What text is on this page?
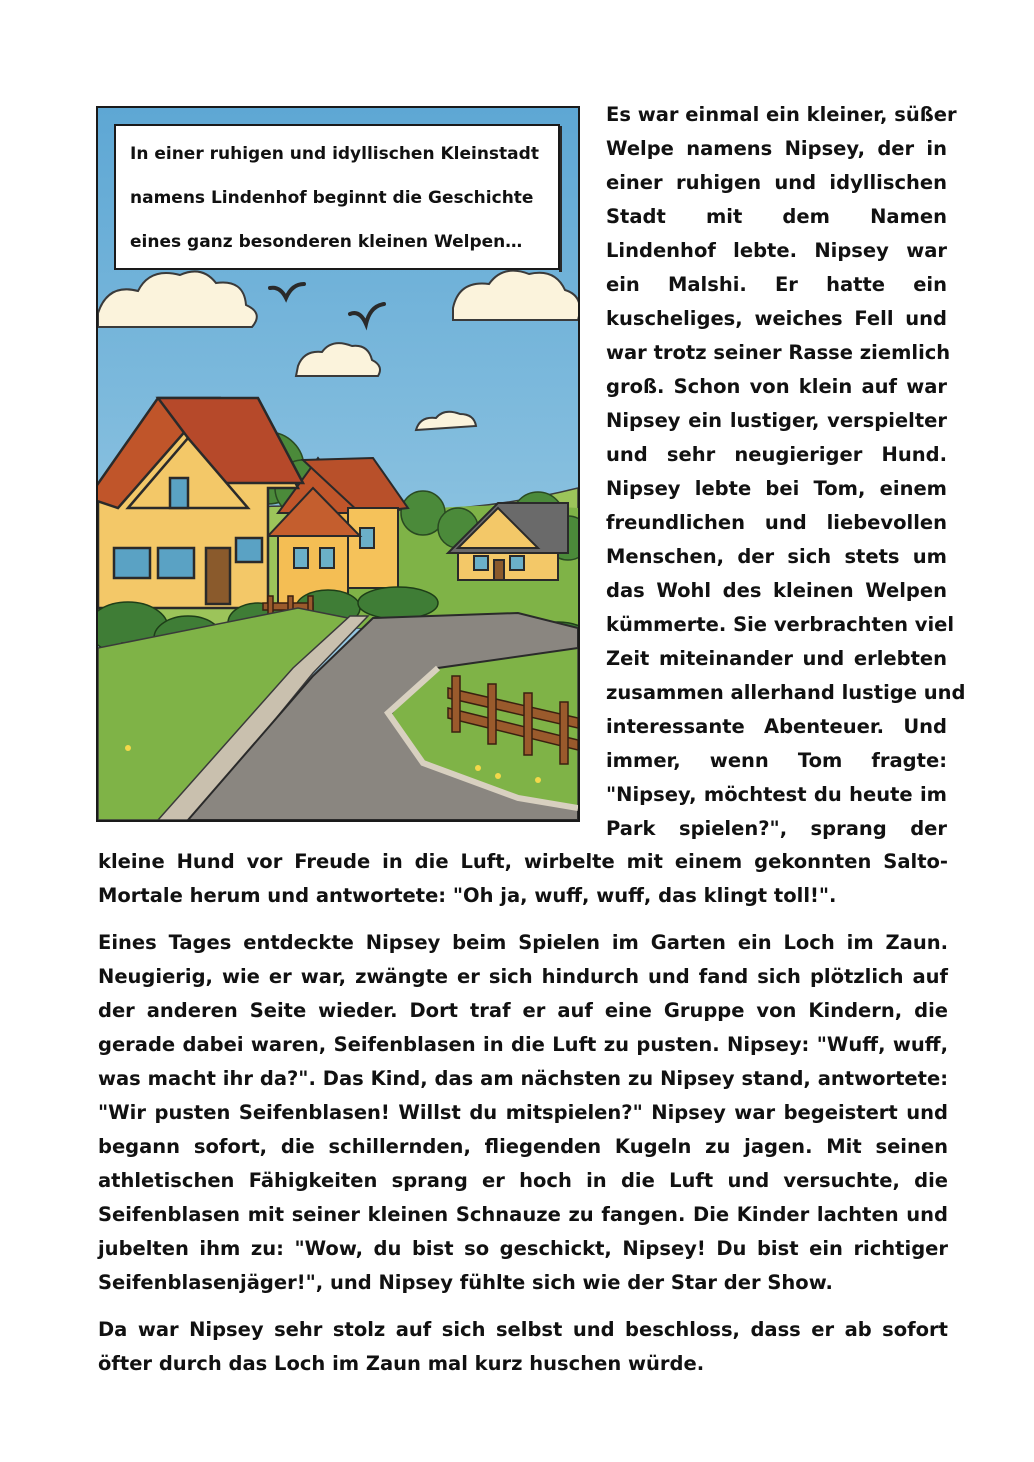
In einer ruhigen und idyllischen Kleinstadt
namens Lindenhof beginnt die Geschichte
eines ganz besonderen kleinen Welpen…
Es war einmal ein kleiner, süßer
Welpe namens Nipsey, der in
einer ruhigen und idyllischen
Stadt mit dem Namen
Lindenhof lebte. Nipsey war
ein Malshi. Er hatte ein
kuscheliges, weiches Fell und
war trotz seiner Rasse ziemlich
groß. Schon von klein auf war
Nipsey ein lustiger, verspielter
und sehr neugieriger Hund.
Nipsey lebte bei Tom, einem
freundlichen und liebevollen
Menschen, der sich stets um
das Wohl des kleinen Welpen
kümmerte. Sie verbrachten viel
Zeit miteinander und erlebten
zusammen allerhand lustige und
interessante Abenteuer. Und
immer, wenn Tom fragte:
"Nipsey, möchtest du heute im
Park spielen?", sprang der
kleine Hund vor Freude in die Luft, wirbelte mit einem gekonnten Salto-
Mortale herum und antwortete: "Oh ja, wuff, wuff, das klingt toll!".
Eines Tages entdeckte Nipsey beim Spielen im Garten ein Loch im Zaun.
Neugierig, wie er war, zwängte er sich hindurch und fand sich plötzlich auf
der anderen Seite wieder. Dort traf er auf eine Gruppe von Kindern, die
gerade dabei waren, Seifenblasen in die Luft zu pusten. Nipsey: "Wuff, wuff,
was macht ihr da?". Das Kind, das am nächsten zu Nipsey stand, antwortete:
"Wir pusten Seifenblasen! Willst du mitspielen?" Nipsey war begeistert und
begann sofort, die schillernden, fliegenden Kugeln zu jagen. Mit seinen
athletischen Fähigkeiten sprang er hoch in die Luft und versuchte, die
Seifenblasen mit seiner kleinen Schnauze zu fangen. Die Kinder lachten und
jubelten ihm zu: "Wow, du bist so geschickt, Nipsey! Du bist ein richtiger
Seifenblasenjäger!", und Nipsey fühlte sich wie der Star der Show.
Da war Nipsey sehr stolz auf sich selbst und beschloss, dass er ab sofort
öfter durch das Loch im Zaun mal kurz huschen würde.
